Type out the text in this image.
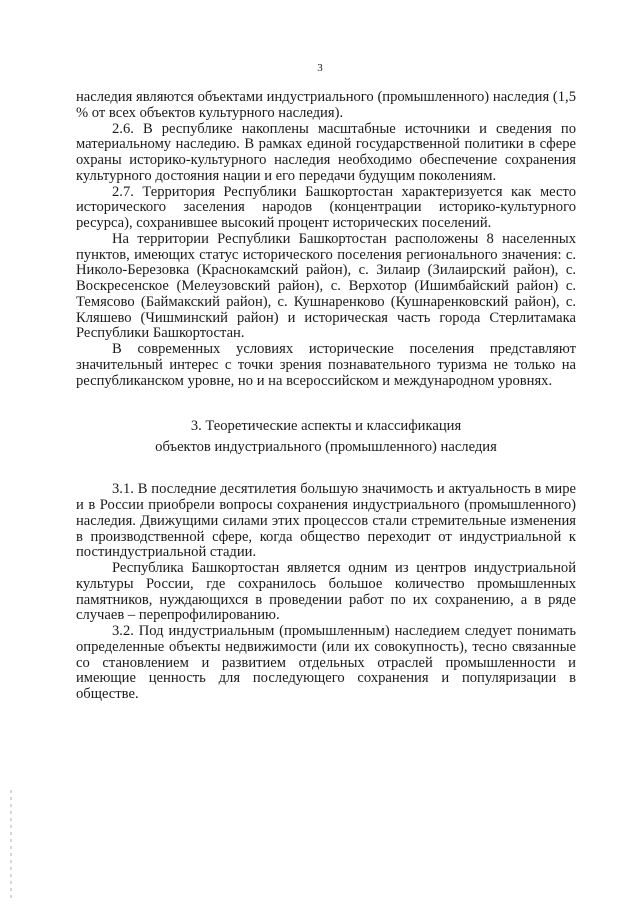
3

наследия являются объектами индустриального (промышленного) наследия (1,5 % от всех объектов культурного наследия).

2.6. В республике накоплены масштабные источники и сведения по материальному наследию. В рамках единой государственной политики в сфере охраны историко-культурного наследия необходимо обеспечение сохранения культурного достояния нации и его передачи будущим поколениям.

2.7. Территория Республики Башкортостан характеризуется как место исторического заселения народов (концентрации историко-культурного ресурса), сохранившее высокий процент исторических поселений.

На территории Республики Башкортостан расположены 8 населенных пунктов, имеющих статус исторического поселения регионального значения: с. Николо-Березовка (Краснокамский район), с. Зилаир (Зилаирский район), с. Воскресенское (Мелеузовский район), с. Верхотор (Ишимбайский район) с. Темясово (Баймакский район), с. Кушнаренково (Кушнаренковский район), с. Кляшево (Чишминский район) и историческая часть города Стерлитамака Республики Башкортостан.

В современных условиях исторические поселения представляют значительный интерес с точки зрения познавательного туризма не только на республиканском уровне, но и на всероссийском и международном уровнях.

3. Теоретические аспекты и классификация
объектов индустриального (промышленного) наследия

3.1. В последние десятилетия большую значимость и актуальность в мире и в России приобрели вопросы сохранения индустриального (промышленного) наследия. Движущими силами этих процессов стали стремительные изменения в производственной сфере, когда общество переходит от индустриальной к постиндустриальной стадии.

Республика Башкортостан является одним из центров индустриальной культуры России, где сохранилось большое количество промышленных памятников, нуждающихся в проведении работ по их сохранению, а в ряде случаев – перепрофилированию.

3.2. Под индустриальным (промышленным) наследием следует понимать определенные объекты недвижимости (или их совокупность), тесно связанные со становлением и развитием отдельных отраслей промышленности и имеющие ценность для последующего сохранения и популяризации в обществе.
